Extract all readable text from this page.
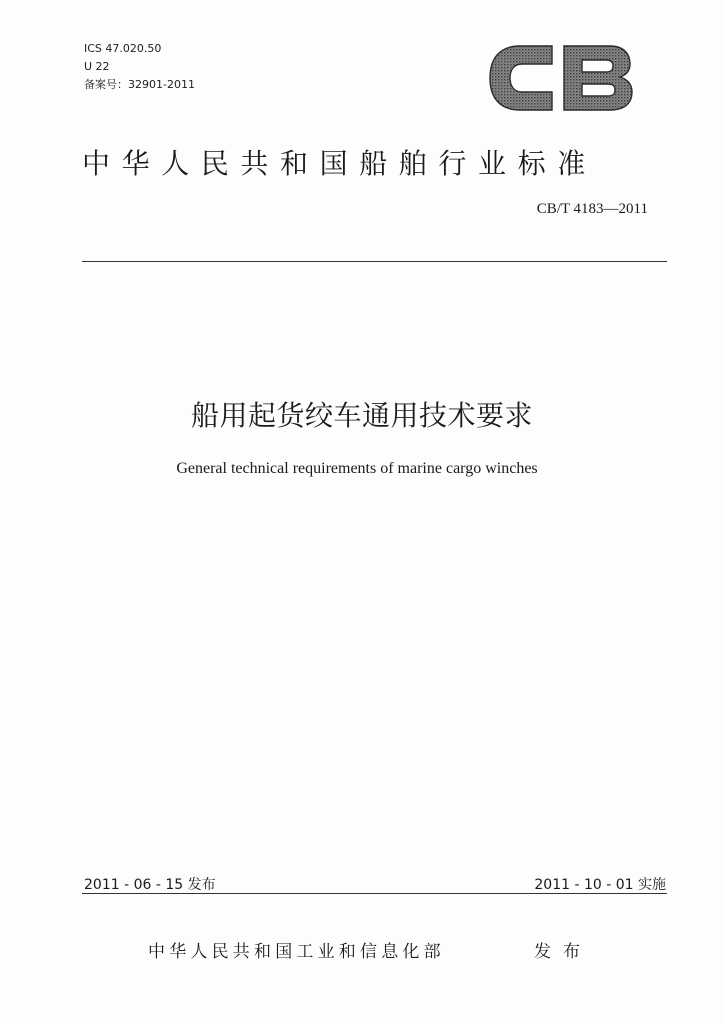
ICS 47.020.50
U 22
备案号：32901-2011
中华人民共和国船舶行业标准
CB/T 4183—2011
船用起货绞车通用技术要求
General technical requirements of marine cargo winches
2011 - 06 - 15 发布	2011 - 10 - 01 实施
中华人民共和国工业和信息化部	发布
